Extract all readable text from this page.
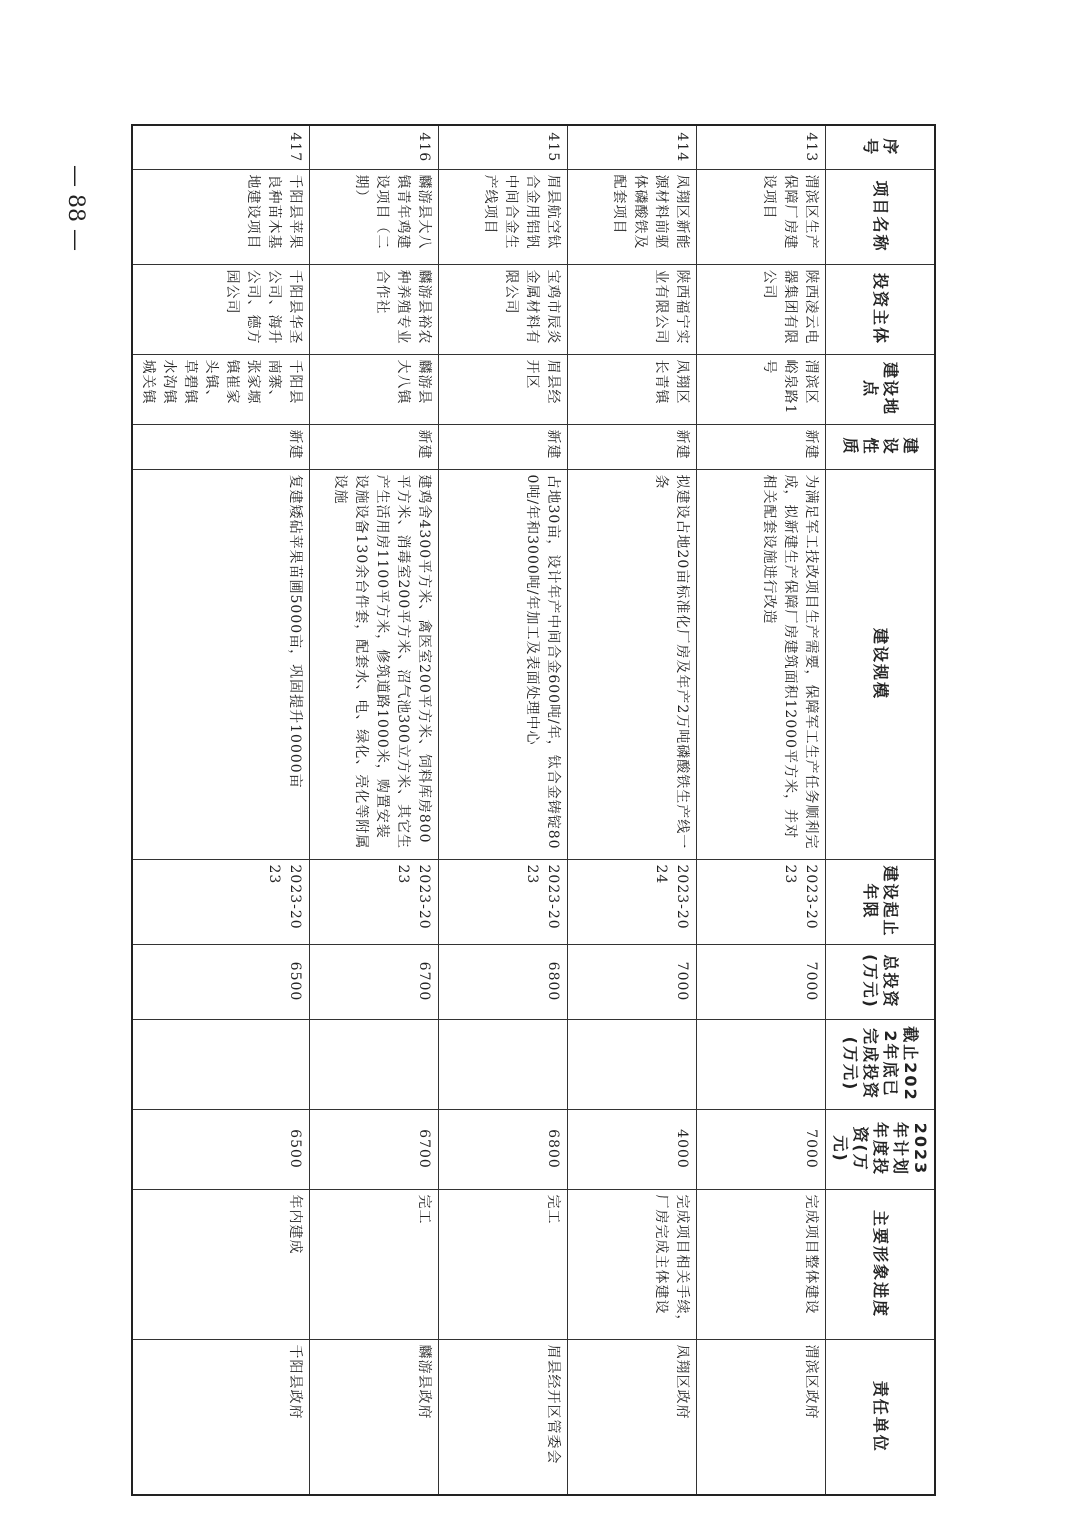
— 88 —
序号	项目名称	投资主体	建设地点	建设性质	建设规模	建设起止年限	总投资(万元)	截止2022年底已完成投资(万元)	2023年计划年度投资(万元)	主要形象进度	责任单位
413	渭滨区生产保障厂房建设项目	陕西凌云电器集团有限公司	渭滨区峪泉路1号	新建	为满足军工技改项目生产需要，保障军工生产任务顺利完成，拟新建生产保障厂房建筑面积12000平方米，并对相关配套设施进行改造	2023-2023	7000		7000	完成项目整体建设	渭滨区政府
414	凤翔区新能源材料前驱体磷酸铁及配套项目	陕西福宁实业有限公司	凤翔区长青镇	新建	拟建设占地20亩标准化厂房及年产2万吨磷酸铁生产线一条	2023-2024	7000		4000	完成项目相关手续，厂房完成主体建设	凤翔区政府
415	眉县航空钛合金用铝钒中间合金生产线项目	宝鸡市辰炎金属材料有限公司	眉县经开区	新建	占地30亩，设计年产中间合金600吨/年，钛合金铸锭800吨/年和3000吨/年加工及表面处理中心	2023-2023	6800		6800	完工	眉县经开区管委会
416	麟游县大八镇青年鸡建设项目（二期）	麟游县裕农种养殖专业合作社	麟游县大八镇	新建	建鸡舍4300平方米、禽医室200平方米、饲料库房800平方米、消毒室200平方米、沼气池300立方米、其它生产生活用房1100平方米，修筑道路1000米，购置安装设施设备130余台件套，配套水、电、绿化、亮化等附属设施	2023-2023	6700		6700	完工	麟游县政府
417	千阳县苹果良种苗木基地建设项目	千阳县华圣公司、海升公司、德方园公司	千阳县南寨、张家塬镇崔家头镇、草碧镇水沟镇城关镇	新建	复建矮砧苹果苗圃5000亩，巩固提升10000亩	2023-2023	6500		6500	年内建成	千阳县政府
